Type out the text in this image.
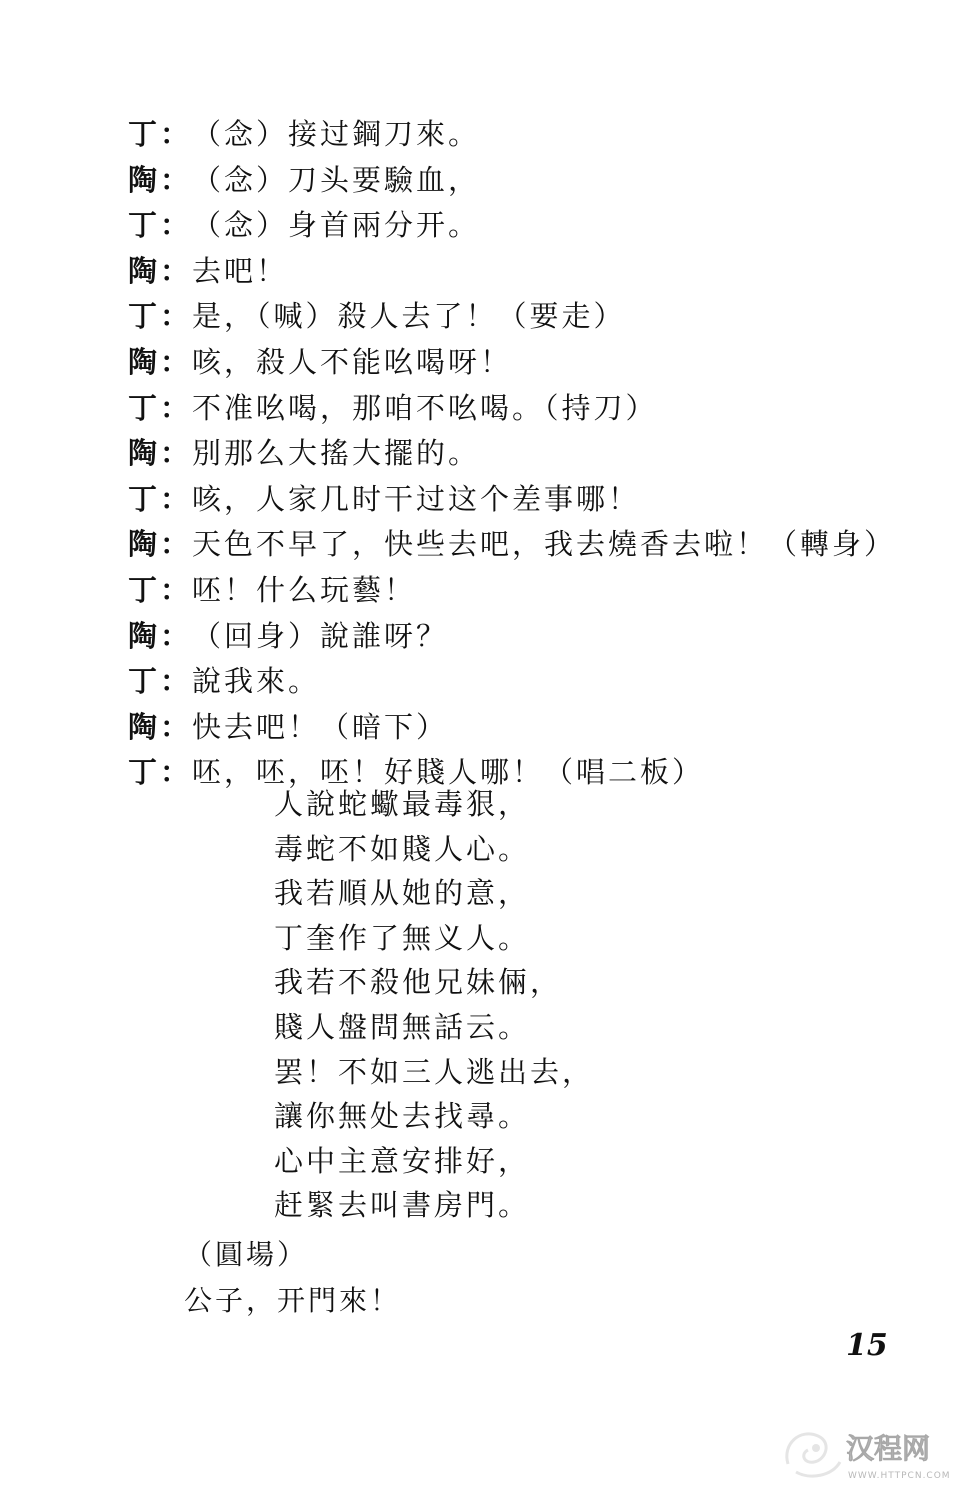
丁：（念）接过鋼刀來。
陶：（念）刀头要驗血，
丁：（念）身首兩分开。
陶：去吧！
丁：是，（喊）殺人去了！（要走）
陶：咳，殺人不能吆喝呀！
丁：不准吆喝，那咱不吆喝。（持刀）
陶：別那么大搖大擺的。
丁：咳，人家几时干过这个差事哪！
陶：天色不早了，快些去吧，我去燒香去啦！（轉身）
丁：呸！什么玩藝！
陶：（回身）說誰呀？
丁：說我來。
陶：快去吧！（暗下）
丁：呸，呸，呸！好賤人哪！（唱二板）
人說蛇蠍最毒狠，
毒蛇不如賤人心。
我若順从她的意，
丁奎作了無义人。
我若不殺他兄妹倆，
賤人盤問無話云。
罢！不如三人逃出去，
讓你無处去找尋。
心中主意安排好，
赶緊去叫書房門。
（圓場）
公子，开門來！
15
汉程网
WWW.HTTPCN.COM
